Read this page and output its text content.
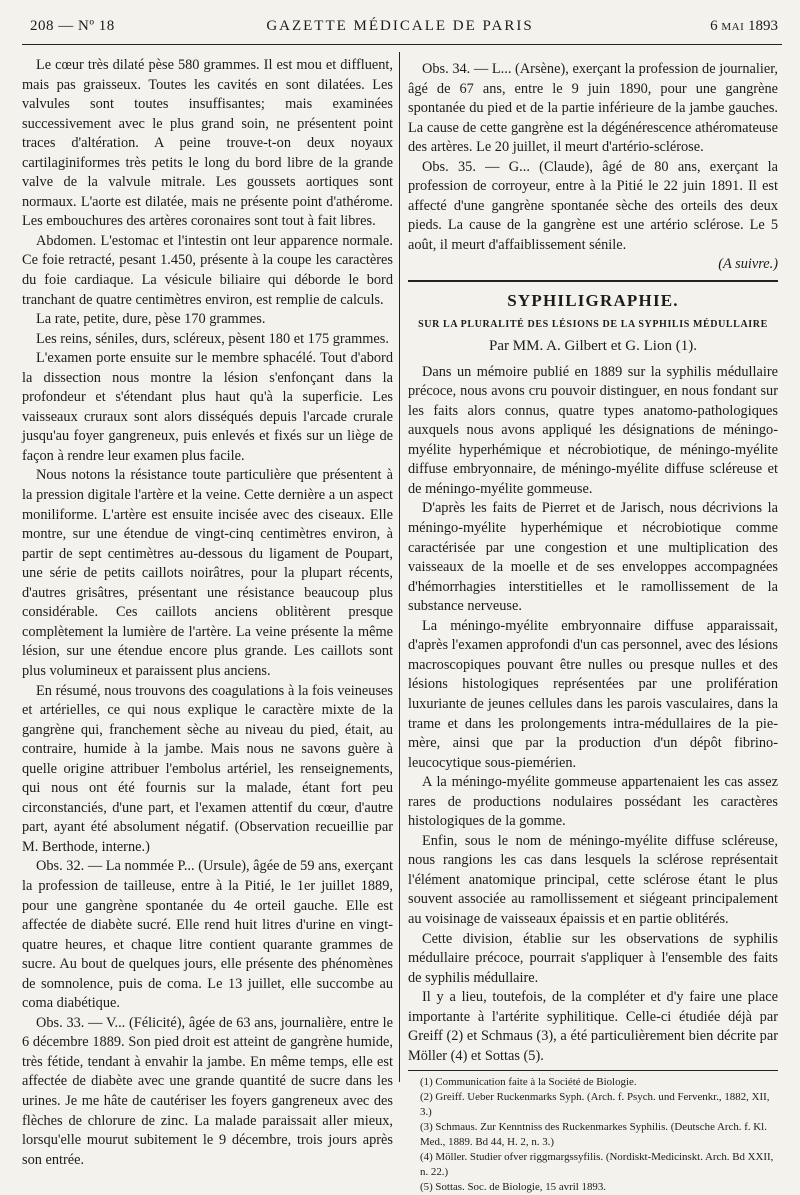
208 — Nº 18	GAZETTE MÉDICALE DE PARIS	6 MAI 1893

Le cœur très dilaté pèse 580 grammes. Il est mou et diffluent, mais pas graisseux. Toutes les cavités en sont dilatées. Les valvules sont toutes insuffisantes; mais examinées successivement avec le plus grand soin, ne présentent point traces d'altération. A peine trouve-t-on deux noyaux cartilaginiformes très petits le long du bord libre de la grande valve de la valvule mitrale. Les goussets aortiques sont normaux. L'aorte est dilatée, mais ne présente point d'athérome. Les embouchures des artères coronaires sont tout à fait libres.

Abdomen. L'estomac et l'intestin ont leur apparence normale. Ce foie retracté, pesant 1.450, présente à la coupe les caractères du foie cardiaque. La vésicule biliaire qui déborde le bord tranchant de quatre centimètres environ, est remplie de calculs.

La rate, petite, dure, pèse 170 grammes.

Les reins, séniles, durs, scléreux, pèsent 180 et 175 grammes.

L'examen porte ensuite sur le membre sphacélé. Tout d'abord la dissection nous montre la lésion s'enfonçant dans la profondeur et s'étendant plus haut qu'à la superficie. Les vaisseaux cruraux sont alors disséqués depuis l'arcade crurale jusqu'au foyer gangreneux, puis enlevés et fixés sur un liège de façon à rendre leur examen plus facile.

Nous notons la résistance toute particulière que présentent à la pression digitale l'artère et la veine. Cette dernière a un aspect moniliforme. L'artère est ensuite incisée avec des ciseaux. Elle montre, sur une étendue de vingt-cinq centimètres environ, à partir de sept centimètres au-dessous du ligament de Poupart, une série de petits caillots noirâtres, pour la plupart récents, d'autres grisâtres, présentant une résistance beaucoup plus considérable. Ces caillots anciens oblitèrent presque complètement la lumière de l'artère. La veine présente la même lésion, sur une étendue encore plus grande. Les caillots sont plus volumineux et paraissent plus anciens.

En résumé, nous trouvons des coagulations à la fois veineuses et artérielles, ce qui nous explique le caractère mixte de la gangrène qui, franchement sèche au niveau du pied, était, au contraire, humide à la jambe. Mais nous ne savons guère à quelle origine attribuer l'embolus artériel, les renseignements, qui nous ont été fournis sur la malade, étant fort peu circonstanciés, d'une part, et l'examen attentif du cœur, d'autre part, ayant été absolument négatif. (Observation recueillie par M. Berthode, interne.)

Obs. 32. — La nommée P... (Ursule), âgée de 59 ans, exerçant la profession de tailleuse, entre à la Pitié, le 1er juillet 1889, pour une gangrène spontanée du 4e orteil gauche. Elle est affectée de diabète sucré. Elle rend huit litres d'urine en vingt-quatre heures, et chaque litre contient quarante grammes de sucre. Au bout de quelques jours, elle présente des phénomènes de somnolence, puis de coma. Le 13 juillet, elle succombe au coma diabétique.

Obs. 33. — V... (Félicité), âgée de 63 ans, journalière, entre le 6 décembre 1889. Son pied droit est atteint de gangrène humide, très fétide, tendant à envahir la jambe. En même temps, elle est affectée de diabète avec une grande quantité de sucre dans les urines. Je me hâte de cautériser les foyers gangreneux avec des flèches de chlorure de zinc. La malade paraissait aller mieux, lorsqu'elle mourut subitement le 9 décembre, trois jours après son entrée.

Obs. 34. — L... (Arsène), exerçant la profession de journalier, âgé de 67 ans, entre le 9 juin 1890, pour une gangrène spontanée du pied et de la partie inférieure de la jambe gauches. La cause de cette gangrène est la dégénérescence athéromateuse des artères. Le 20 juillet, il meurt d'artério-sclérose.

Obs. 35. — G... (Claude), âgé de 80 ans, exerçant la profession de corroyeur, entre à la Pitié le 22 juin 1891. Il est affecté d'une gangrène spontanée sèche des orteils des deux pieds. La cause de la gangrène est une artério sclérose. Le 5 août, il meurt d'affaiblissement sénile.

(A suivre.)

SYPHILIGRAPHIE.
SUR LA PLURALITÉ DES LÉSIONS DE LA SYPHILIS MÉDULLAIRE
Par MM. A. Gilbert et G. Lion (1).

Dans un mémoire publié en 1889 sur la syphilis médullaire précoce, nous avons cru pouvoir distinguer, en nous fondant sur les faits alors connus, quatre types anatomo-pathologiques auxquels nous avons appliqué les désignations de méningo-myélite hyperhémique et nécrobiotique, de méningo-myélite diffuse embryonnaire, de méningo-myélite diffuse scléreuse et de méningo-myélite gommeuse.

D'après les faits de Pierret et de Jarisch, nous décrivions la méningo-myélite hyperhémique et nécrobiotique comme caractérisée par une congestion et une multiplication des vaisseaux de la moelle et de ses enveloppes accompagnées d'hémorrhagies interstitielles et le ramollissement de la substance nerveuse.

La méningo-myélite embryonnaire diffuse apparaissait, d'après l'examen approfondi d'un cas personnel, avec des lésions macroscopiques pouvant être nulles ou presque nulles et des lésions histologiques représentées par une prolifération luxuriante de jeunes cellules dans les parois vasculaires, dans la trame et dans les prolongements intra-médullaires de la pie-mère, ainsi que par la production d'un dépôt fibrino-leucocytique sous-piemérien.

A la méningo-myélite gommeuse appartenaient les cas assez rares de productions nodulaires possédant les caractères histologiques de la gomme.

Enfin, sous le nom de méningo-myélite diffuse scléreuse, nous rangions les cas dans lesquels la sclérose représentait l'élément anatomique principal, cette sclérose étant le plus souvent associée au ramollissement et siégeant principalement au voisinage de vaisseaux épaissis et en partie oblitérés.

Cette division, établie sur les observations de syphilis médullaire précoce, pourrait s'appliquer à l'ensemble des faits de syphilis médullaire.

Il y a lieu, toutefois, de la compléter et d'y faire une place importante à l'artérite syphilitique. Celle-ci étudiée déjà par Greiff (2) et Schmaus (3), a été particulièrement bien décrite par Möller (4) et Sottas (5).

(1) Communication faite à la Société de Biologie.

(2) Greiff. Ueber Ruckenmarks Syph. (Arch. f. Psych. und Fervenkr., 1882, XII, 3.)

(3) Schmaus. Zur Kenntniss des Ruckenmarkes Syphilis. (Deutsche Arch. f. Kl. Med., 1889. Bd 44, H. 2, n. 3.)

(4) Möller. Studier ofver riggmargssyfilis. (Nordiskt-Medicinskt. Arch. Bd XXII, n. 22.)

(5) Sottas. Soc. de Biologie, 15 avril 1893.
